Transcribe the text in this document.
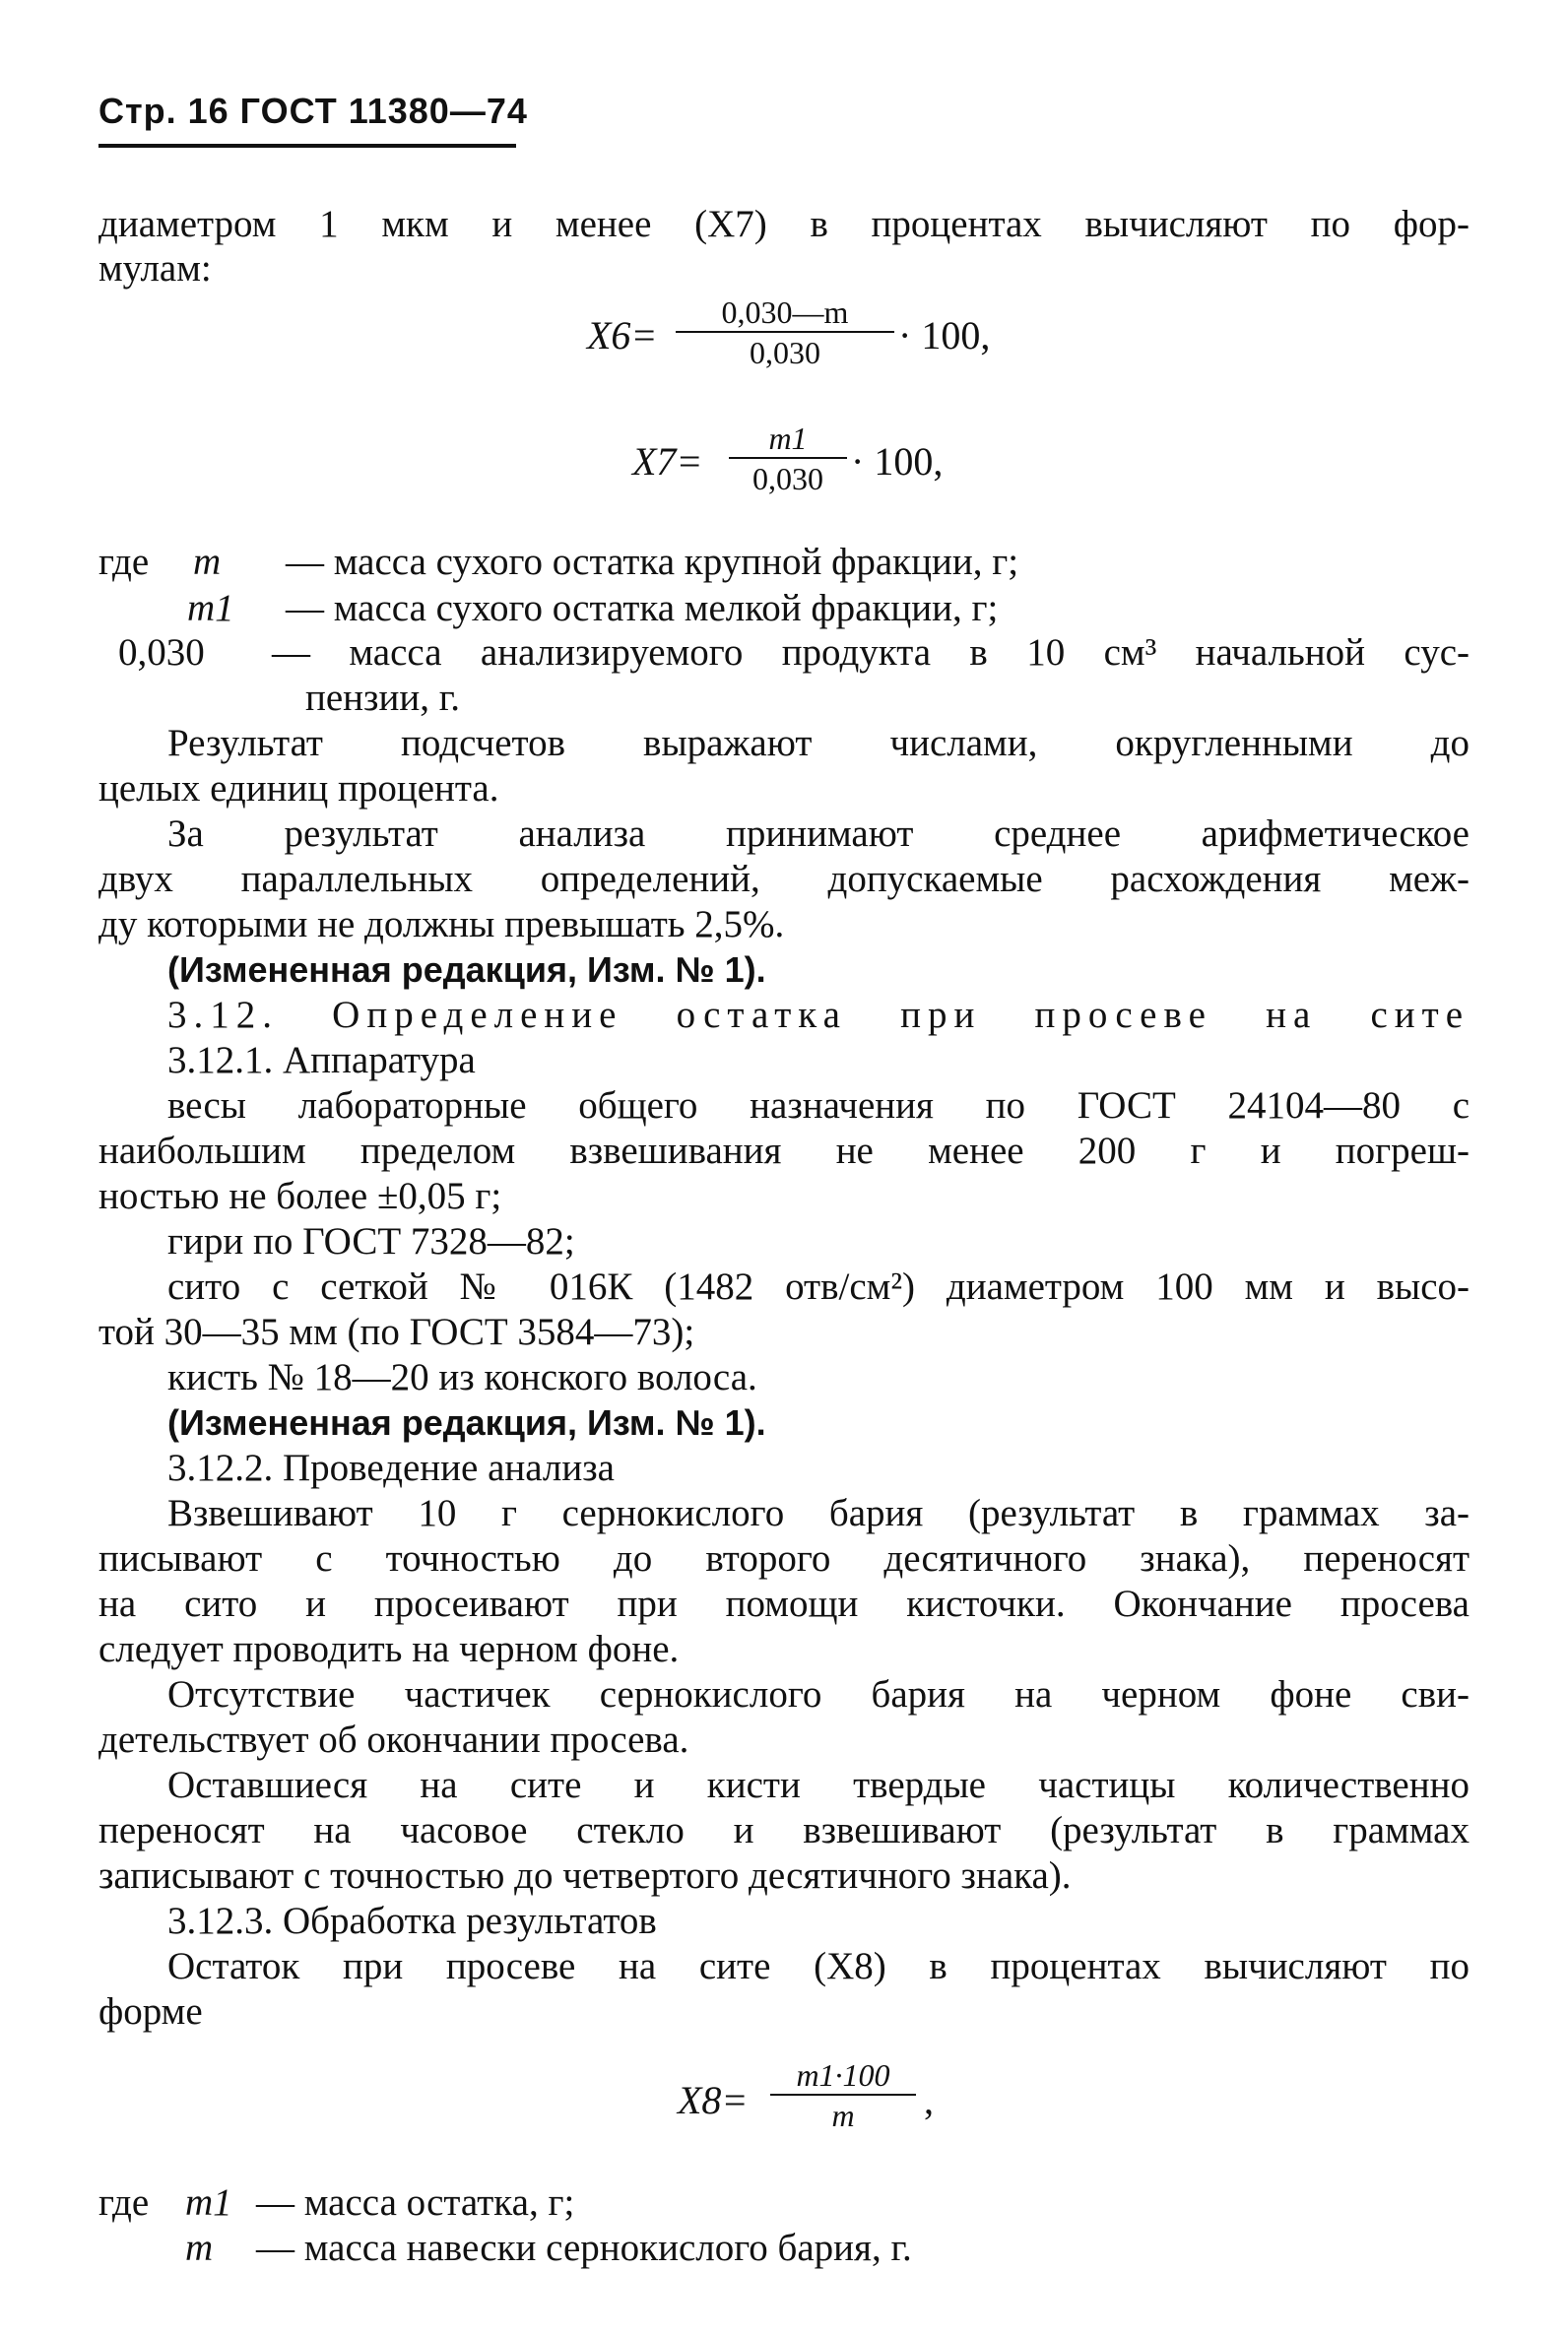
Стр. 16 ГОСТ 11380—74
диаметром 1 мкм и менее (X7) в процентах вычисляют по фор-
мулам:
X6=
0,030—m
0,030	· 100,
X7=
m1
0,030 · 100,
где m — масса сухого остатка крупной фракции, г;
m1 — масса сухого остатка мелкой фракции, г;
0,030 — масса анализируемого продукта в 10 см³ начальной сус-
пензии, г.
Результат подсчетов выражают числами, округленными до
целых единиц процента.
За результат анализа принимают среднее арифметическое
двух параллельных определений, допускаемые расхождения меж-
ду которыми не должны превышать 2,5%.
(Измененная редакция, Изм. № 1).
3.12. Определение остатка при просеве на сите
3.12.1. Аппаратура
весы лабораторные общего назначения по ГОСТ 24104—80 с
наибольшим пределом взвешивания не менее 200 г и погреш-
ностью не более ±0,05 г;
гири по ГОСТ 7328—82;
сито с сеткой № 016К (1482 отв/см²) диаметром 100 мм и высо-
той 30—35 мм (по ГОСТ 3584—73);
кисть № 18—20 из конского волоса.
(Измененная редакция, Изм. № 1).
3.12.2. Проведение анализа
Взвешивают 10 г сернокислого бария (результат в граммах за-
писывают с точностью до второго десятичного знака), переносят
на сито и просеивают при помощи кисточки. Окончание просева
следует проводить на черном фоне.
Отсутствие частичек сернокислого бария на черном фоне сви-
детельствует об окончании просева.
Оставшиеся на сите и кисти твердые частицы количественно
переносят на часовое стекло и взвешивают (результат в граммах
записывают с точностью до четвертого десятичного знака).
3.12.3. Обработка результатов
Остаток при просеве на сите (X8) в процентах вычисляют по
форме
X8=
m1·100
m	,
где m1 — масса остатка, г;
m — масса навески сернокислого бария, г.
